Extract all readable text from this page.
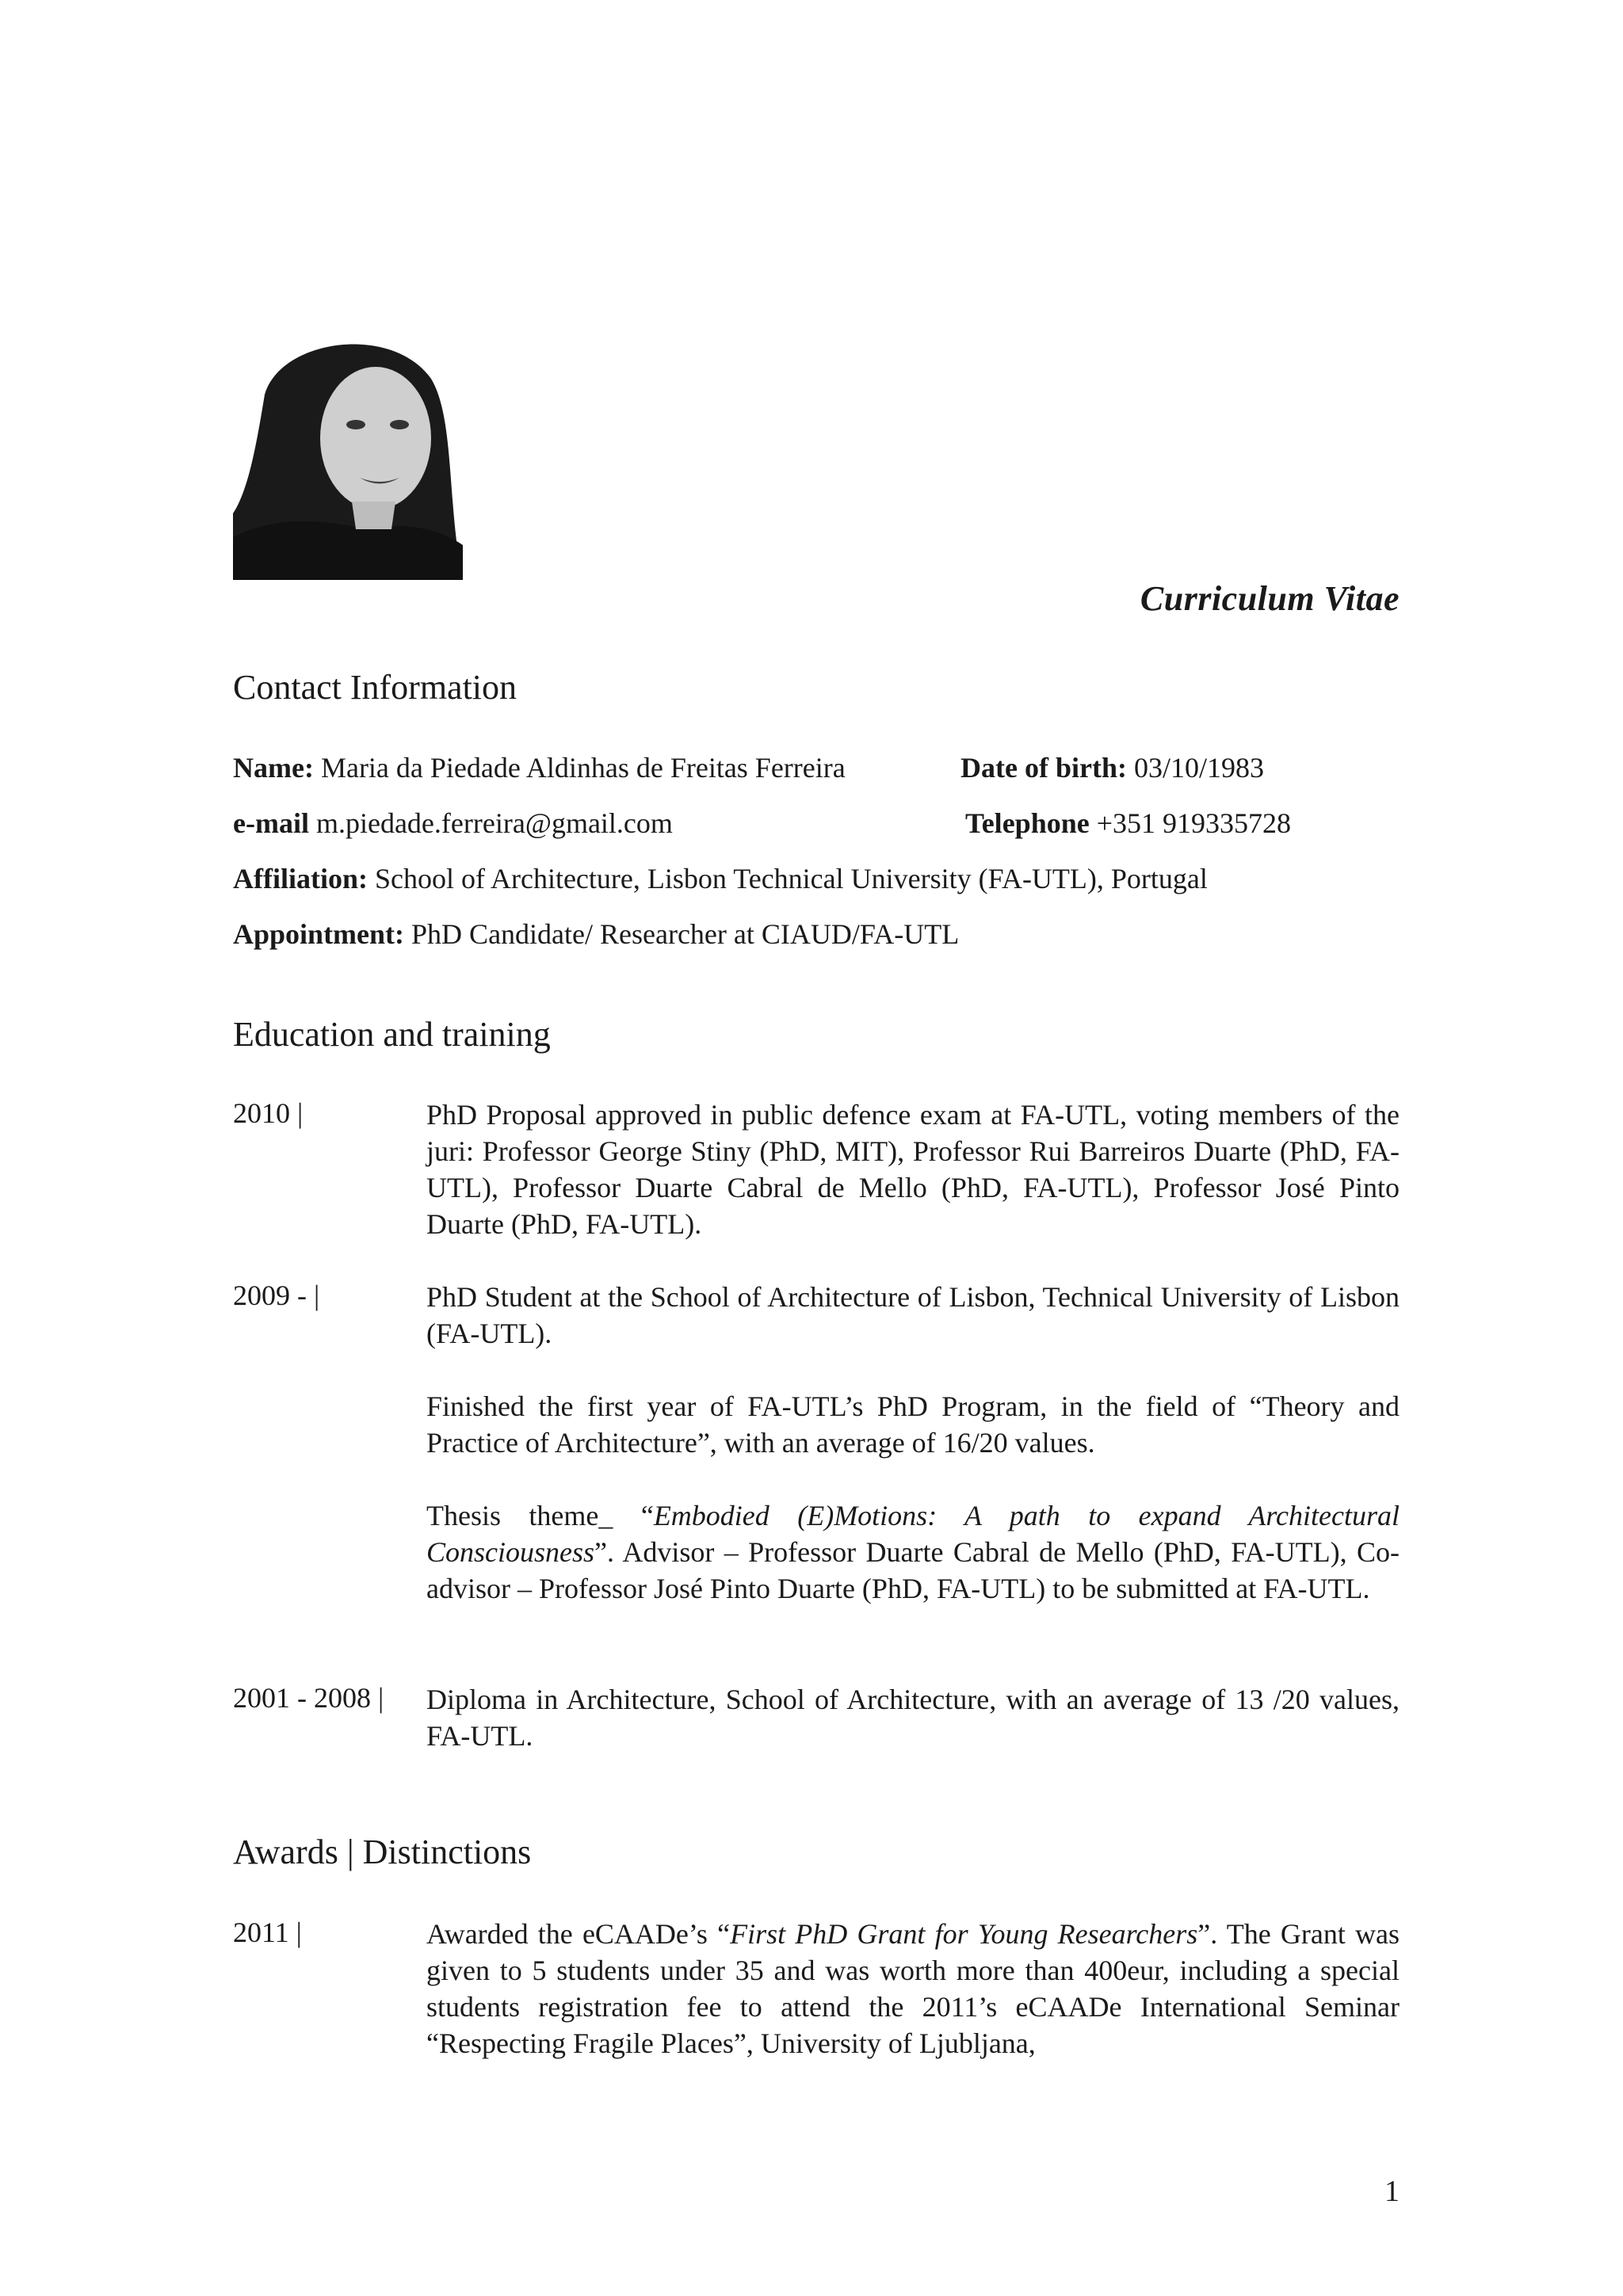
Curriculum Vitae
Contact Information
Name: Maria da Piedade Aldinhas de Freitas Ferreira	Date of birth: 03/10/1983
e-mail m.piedade.ferreira@gmail.com	Telephone +351 919335728
Affiliation: School of Architecture, Lisbon Technical University (FA-UTL), Portugal
Appointment: PhD Candidate/ Researcher at CIAUD/FA-UTL
Education and training
2010 |	PhD Proposal approved in public defence exam at FA-UTL, voting members of the juri: Professor George Stiny (PhD, MIT), Professor Rui Barreiros Duarte (PhD, FA-UTL), Professor Duarte Cabral de Mello (PhD, FA-UTL), Professor José Pinto Duarte (PhD, FA-UTL).
2009 - |	PhD Student at the School of Architecture of Lisbon, Technical University of Lisbon (FA-UTL).
Finished the first year of FA-UTL’s PhD Program, in the field of “Theory and Practice of Architecture”, with an average of 16/20 values.
Thesis theme_ “Embodied (E)Motions: A path to expand Architectural Consciousness”. Advisor – Professor Duarte Cabral de Mello (PhD, FA-UTL), Co-advisor – Professor José Pinto Duarte (PhD, FA-UTL) to be submitted at FA-UTL.
2001 - 2008 | Diploma in Architecture, School of Architecture, with an average of 13 /20 values, FA-UTL.
Awards | Distinctions
2011 |	Awarded the eCAADe’s “First PhD Grant for Young Researchers”. The Grant was given to 5 students under 35 and was worth more than 400eur, including a special students registration fee to attend the 2011’s eCAADe International Seminar “Respecting Fragile Places”, University of Ljubljana,
1
